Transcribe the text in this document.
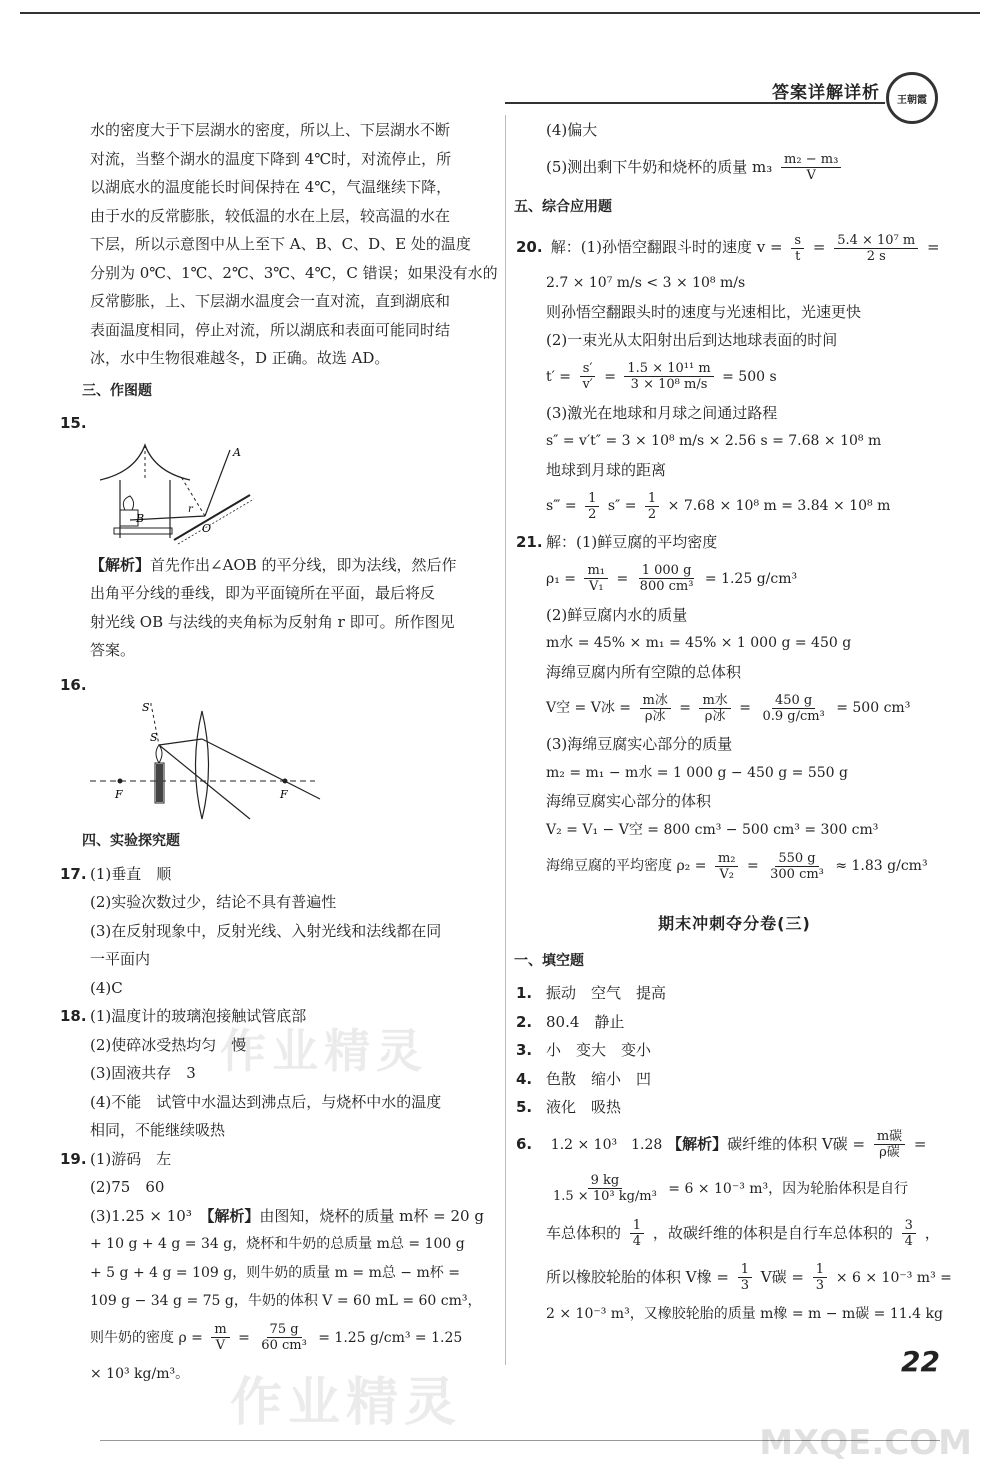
答案详解详析	王朝霞
作业精灵
作业精灵
水的密度大于下层湖水的密度，所以上、下层湖水不断
对流，当整个湖水的温度下降到 4℃时，对流停止，所
以湖底水的温度能长时间保持在 4℃，气温继续下降，
由于水的反常膨胀，较低温的水在上层，较高温的水在
下层，所以示意图中从上至下 A、B、C、D、E 处的温度
分别为 0℃、1℃、2℃、3℃、4℃，C 错误；如果没有水的
反常膨胀，上、下层湖水温度会一直对流，直到湖底和
表面温度相同，停止对流，所以湖底和表面可能同时结
冰，水中生物很难越冬，D 正确。故选 AD。
三、作图题
15.
A
B
O
r
【解析】首先作出∠AOB 的平分线，即为法线，然后作
出角平分线的垂线，即为平面镜所在平面，最后将反
射光线 OB 与法线的夹角标为反射角 r 即可。所作图见
答案。
16.
S'
S
F	F
四、实验探究题
17. (1)垂直　顺
(2)实验次数过少，结论不具有普遍性
(3)在反射现象中，反射光线、入射光线和法线都在同
一平面内
(4)C
18. (1)温度计的玻璃泡接触试管底部
(2)使碎冰受热均匀　慢
(3)固液共存　3
(4)不能　试管中水温达到沸点后，与烧杯中水的温度
相同，不能继续吸热
19. (1)游码　左
(2)75　60
(3)1.25 × 10³　 【解析】由图知，烧杯的质量 m杯 = 20 g
+ 10 g + 4 g = 34 g，烧杯和牛奶的总质量 m总 = 100 g
+ 5 g + 4 g = 109 g，则牛奶的质量 m = m总 − m杯 =
109 g − 34 g = 75 g，牛奶的体积 V = 60 mL = 60 cm³，
则牛奶的密度 $\rho = \frac{m}{V} = \frac{75 g}{\text{60 cm³}} = 1.25$ g/cm³ = 1.25
× 10³ kg/m³。
(4)偏大
(5)测出剩下牛奶和烧杯的质量 $m_3 \frac{\text{m₂ − m₃}}{V}$
五、综合应用题
20. 解：(1)孙悟空翻跟斗时的速度 $v = \frac{s}{t} = \frac{\text{5.4 × 10⁷ m}}{2 s}$ =
2.7 × 10⁷ m/s < 3 × 10⁸ m/s
则孙悟空翻跟头时的速度与光速相比，光速更快
(2)一束光从太阳射出后到达地球表面的时间
$t' = \frac{s'}{v'} = \frac{\text{1.5 × 10¹¹ m}}{\text{3 × 10⁸ m/s}} = 500$ s
(3)激光在地球和月球之间通过路程
s″ = v′t″ = 3 × 10⁸ m/s × 2.56 s = 7.68 × 10⁸ m
地球到月球的距离
s‴ = $\frac{1}{2} s'' = \frac{1}{2} \times 7.68 \times 10^8$ m = 3.84 × 10⁸ m
21. 解：(1)鲜豆腐的平均密度
$\rho_1 = \frac{\text{m₁}}{\text{V₁}} = \frac{1 000 g}{\text{800 cm³}} = 1.25$ g/cm³
(2)鲜豆腐内水的质量
m水 = 45% × m₁ = 45% × 1 000 g = 450 g
海绵豆腐内所有空隙的总体积
V空 = V冰 = $\frac{\text{m冰}}{\text{ρ冰}} = \frac{\text{m水}}{\text{ρ冰}} = \frac{450 g}{\text{0.9 g/cm³}} = 500$ cm³
(3)海绵豆腐实心部分的质量
m₂ = m₁ − m水 = 1 000 g − 450 g = 550 g
海绵豆腐实心部分的体积
V₂ = V₁ − V空 = 800 cm³ − 500 cm³ = 300 cm³
海绵豆腐的平均密度 $\rho_2 = \frac{\text{m₂}}{\text{V₂}} = \frac{550 g}{\text{300 cm³}} \approx 1.83$ g/cm³
期末冲刺夺分卷(三)
一、填空题
1. 振动　空气　提高
2. 80.4　静止
3. 小　变大　变小
4. 色散　缩小　凹
5. 液化　吸热
6. 1.2 × 10³　1.28 【解析】碳纤维的体积 V碳 = $\frac{\text{m碳}}{\text{ρ碳}}$ =
$\frac{9 kg}{\text{1.5 × 10³ kg/m³}} = 6 \times 10^{-3}$ m³，因为轮胎体积是自行
车总体积的 $\frac{1}{4}$ ，故碳纤维的体积是自行车总体积的 $\frac{3}{4}$ ，
所以橡胶轮胎的体积 V橡 = $\frac{1}{3}$ V碳 = $\frac{1}{3} \times 6 \times 10^{-3}$ m³ =
2 × 10⁻³ m³，又橡胶轮胎的质量 m橡 = m − m碳 = 11.4 kg
22
MXQE.COM
